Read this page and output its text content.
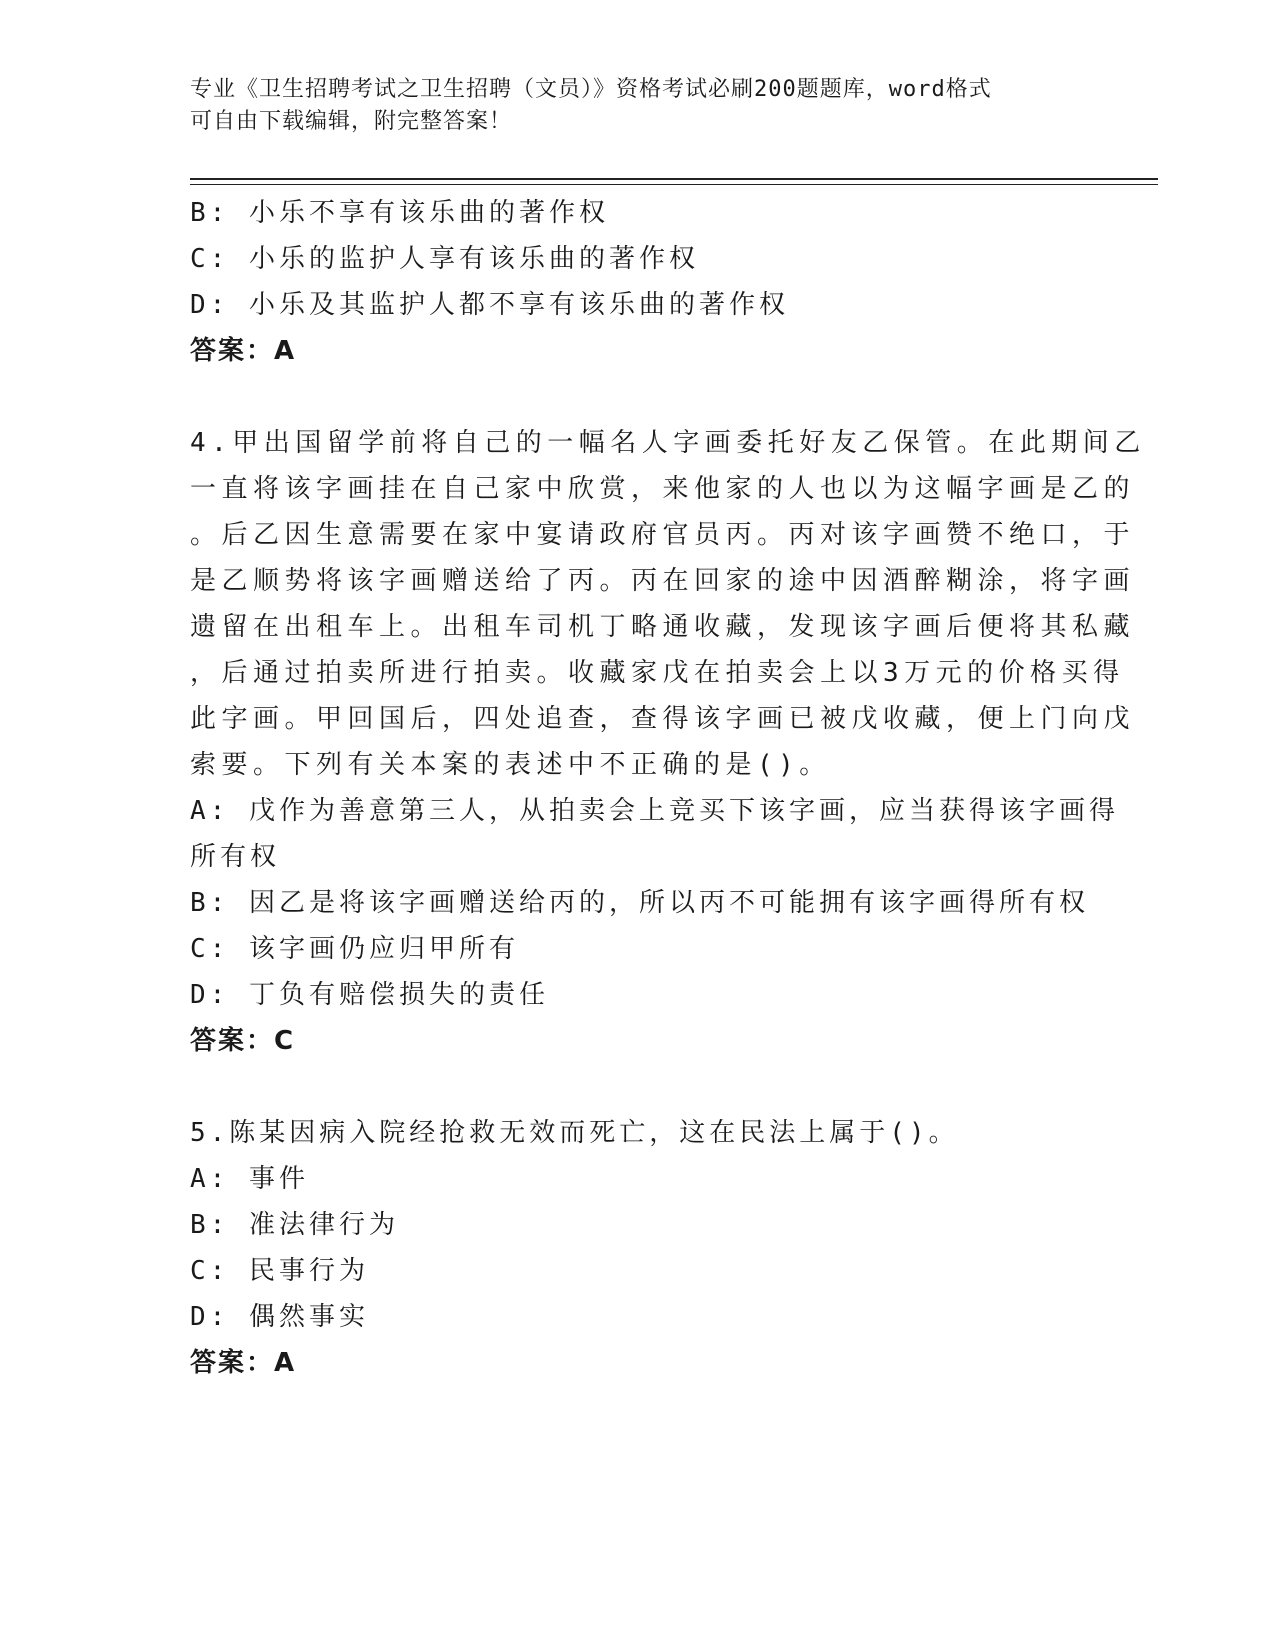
专业《卫生招聘考试之卫生招聘（文员）》资格考试必刷200题题库，word格式
可自由下载编辑，附完整答案！
B: 小乐不享有该乐曲的著作权
C: 小乐的监护人享有该乐曲的著作权
D: 小乐及其监护人都不享有该乐曲的著作权
答案：A
4.甲出国留学前将自己的一幅名人字画委托好友乙保管。在此期间乙
一直将该字画挂在自己家中欣赏，来他家的人也以为这幅字画是乙的
。后乙因生意需要在家中宴请政府官员丙。丙对该字画赞不绝口，于
是乙顺势将该字画赠送给了丙。丙在回家的途中因酒醉糊涂，将字画
遗留在出租车上。出租车司机丁略通收藏，发现该字画后便将其私藏
，后通过拍卖所进行拍卖。收藏家戊在拍卖会上以3万元的价格买得
此字画。甲回国后，四处追查，查得该字画已被戊收藏，便上门向戊
索要。下列有关本案的表述中不正确的是()。
A: 戊作为善意第三人，从拍卖会上竞买下该字画，应当获得该字画得
所有权
B: 因乙是将该字画赠送给丙的，所以丙不可能拥有该字画得所有权
C: 该字画仍应归甲所有
D: 丁负有赔偿损失的责任
答案：C
5.陈某因病入院经抢救无效而死亡，这在民法上属于()。
A: 事件
B: 准法律行为
C: 民事行为
D: 偶然事实
答案：A
